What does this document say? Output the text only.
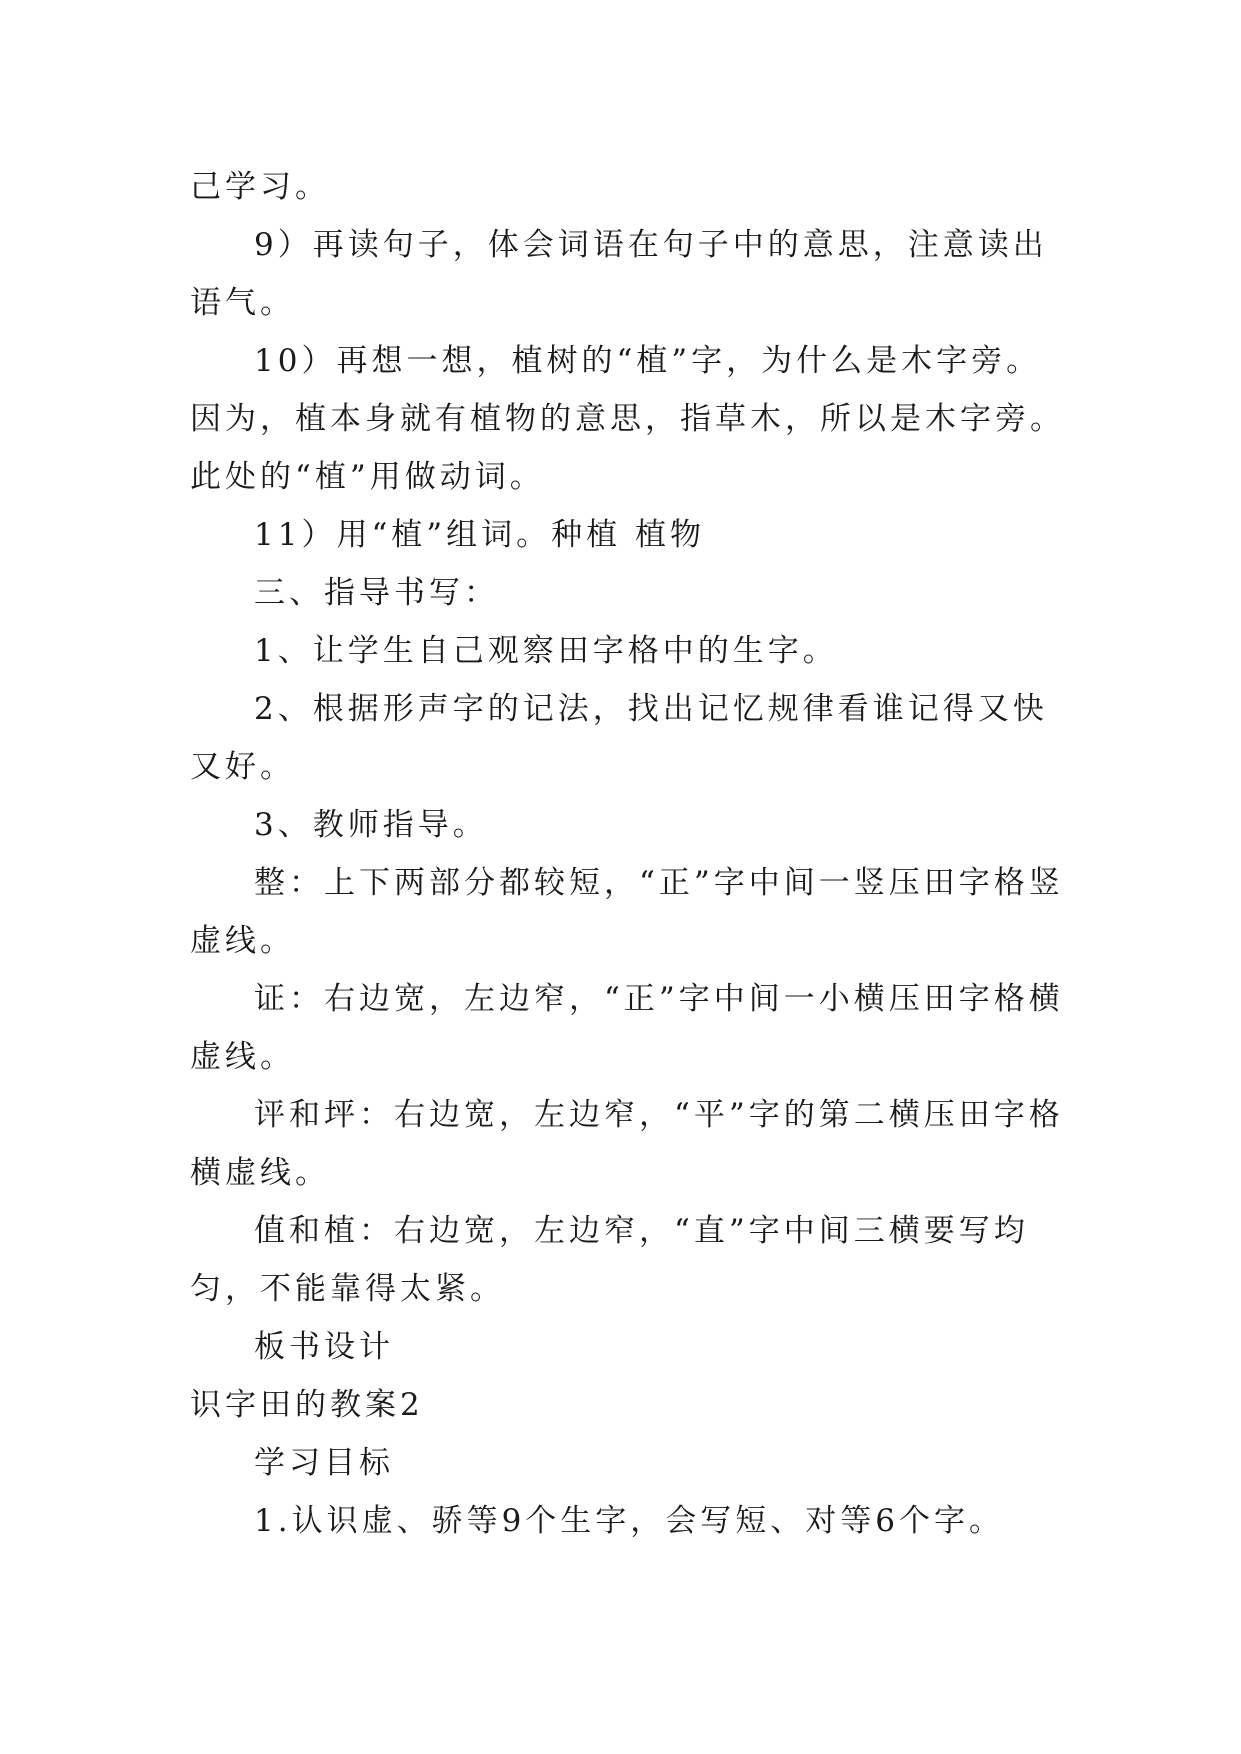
己学习。

9）再读句子，体会词语在句子中的意思，注意读出语气。

10）再想一想，植树的“植”字，为什么是木字旁。因为，植本身就有植物的意思，指草木，所以是木字旁。此处的“植”用做动词。

11）用“植”组词。种植 植物

三、指导书写：

1、让学生自己观察田字格中的生字。

2、根据形声字的记法，找出记忆规律看谁记得又快又好。

3、教师指导。

整：上下两部分都较短，“正”字中间一竖压田字格竖虚线。

证：右边宽，左边窄，“正”字中间一小横压田字格横虚线。

评和坪：右边宽，左边窄，“平”字的第二横压田字格横虚线。

值和植：右边宽，左边窄，“直”字中间三横要写均匀，不能靠得太紧。

板书设计

识字田的教案2

学习目标

1.认识虚、骄等9个生字，会写短、对等6个字。
